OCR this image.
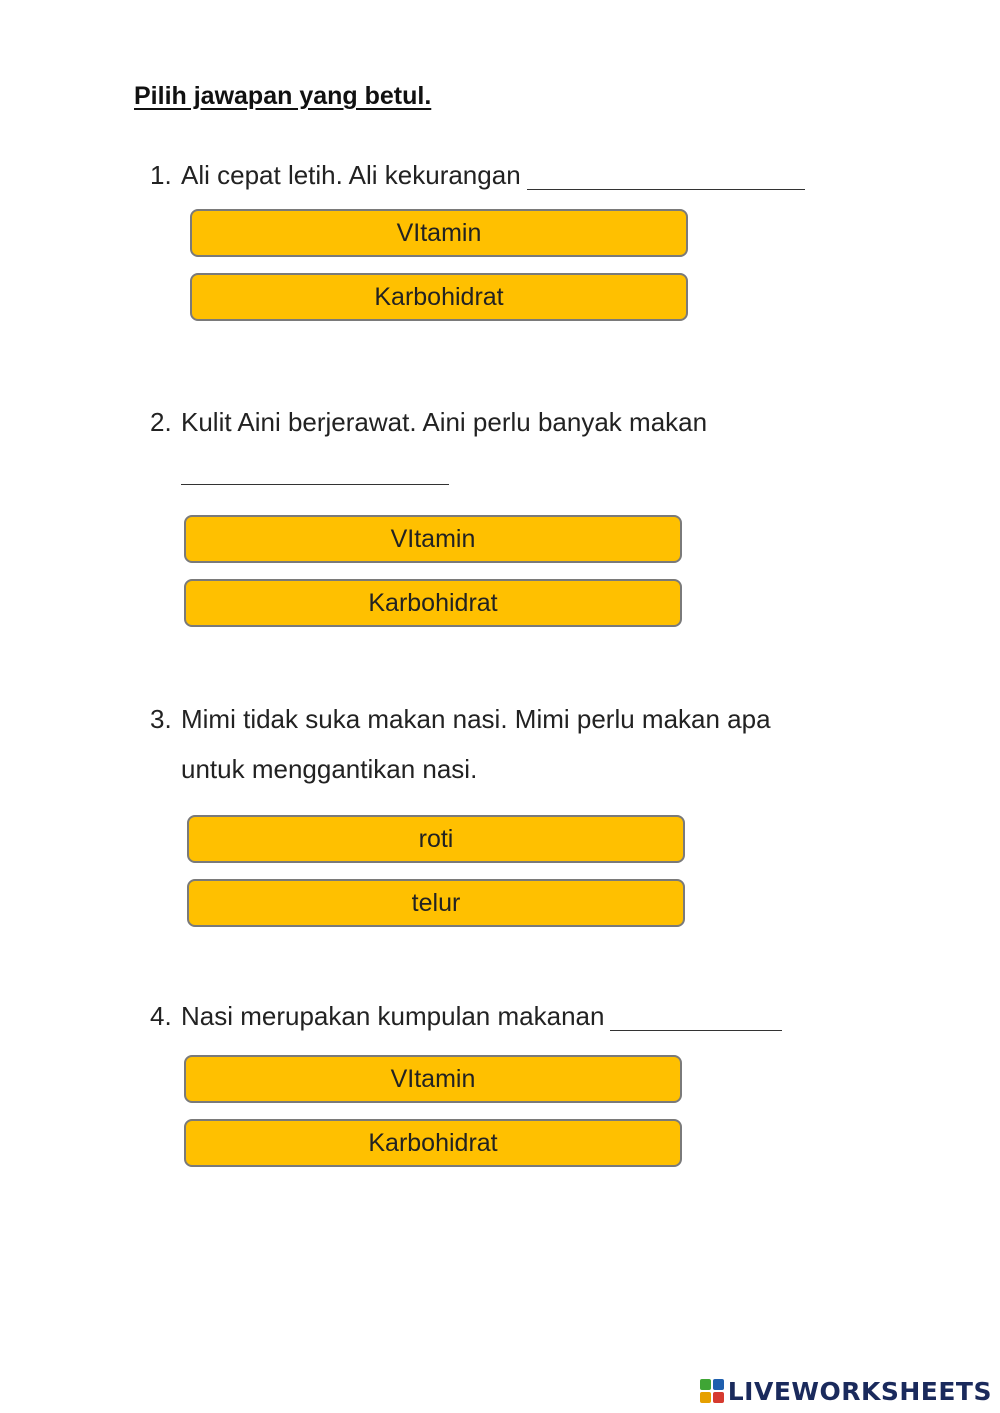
Pilih jawapan yang betul.
1. Ali cepat letih. Ali kekurangan
VItamin
Karbohidrat
2. Kulit Aini berjerawat. Aini perlu banyak makan
VItamin
Karbohidrat
3. Mimi tidak suka makan nasi. Mimi perlu makan apa
untuk menggantikan nasi.
roti
telur
4. Nasi merupakan kumpulan makanan
VItamin
Karbohidrat
LIVEWORKSHEETS
